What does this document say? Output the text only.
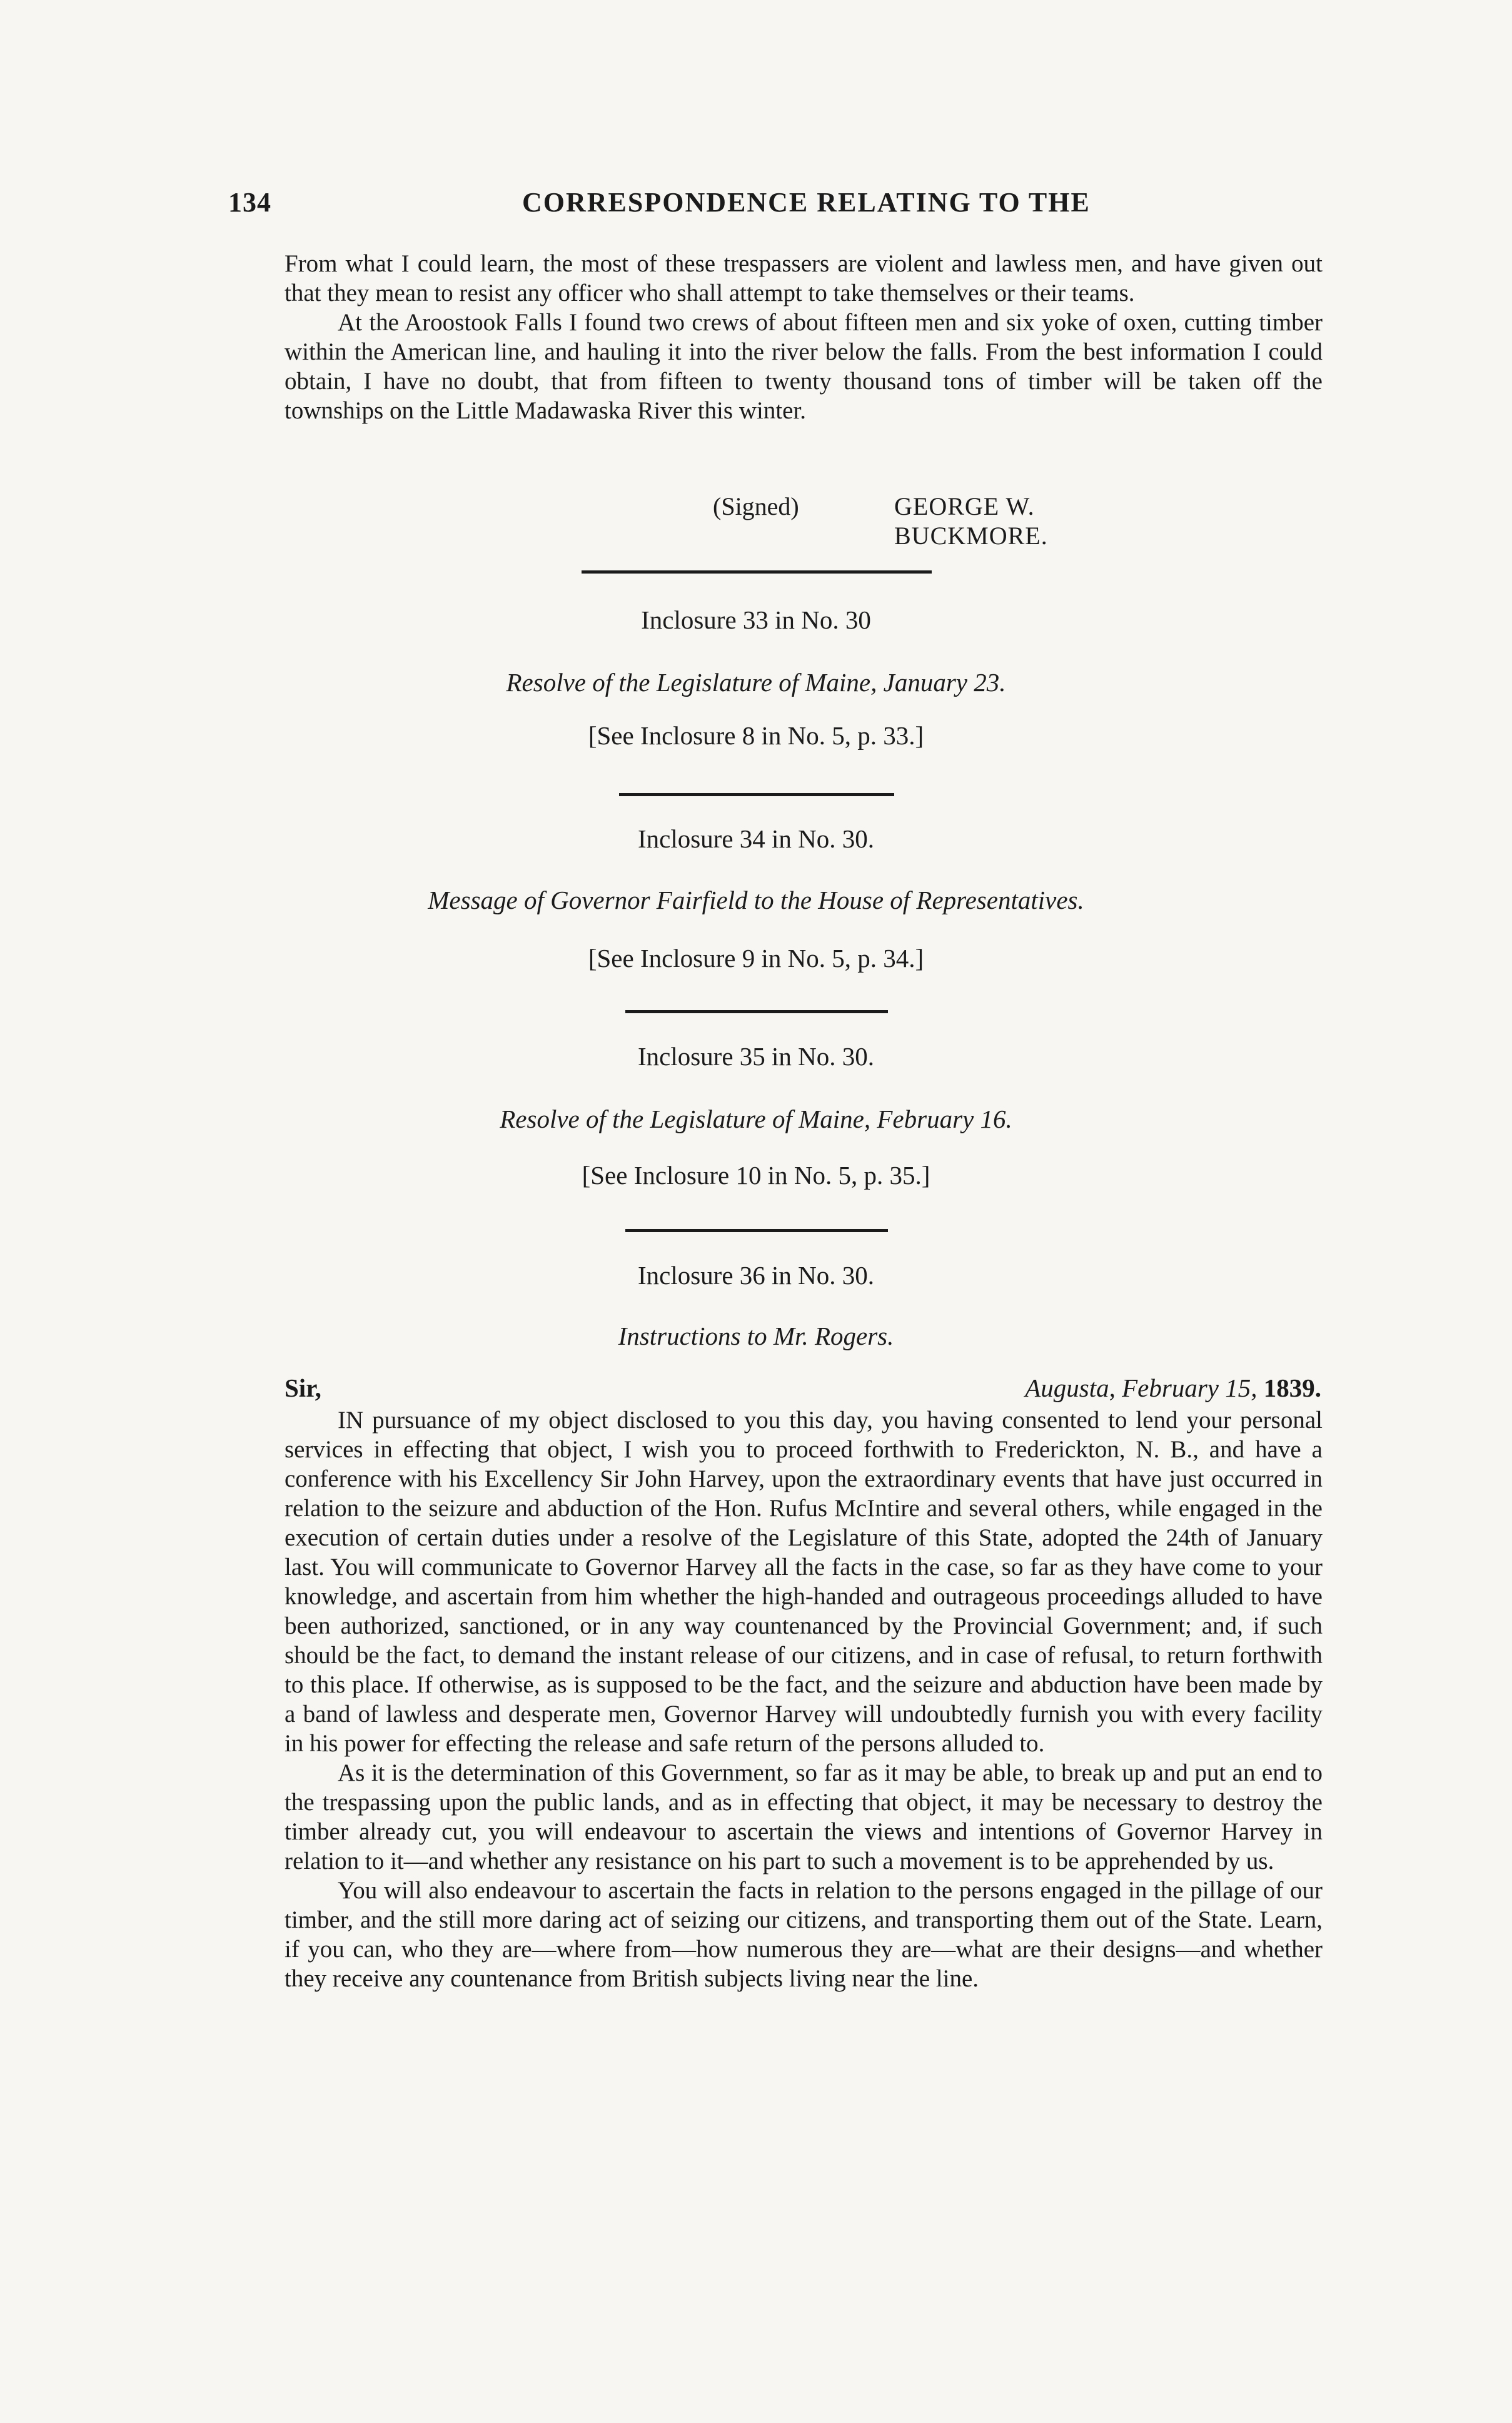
134	CORRESPONDENCE RELATING TO THE

From what I could learn, the most of these trespassers are violent and lawless men, and have given out that they mean to resist any officer who shall attempt to take themselves or their teams.

At the Aroostook Falls I found two crews of about fifteen men and six yoke of oxen, cutting timber within the American line, and hauling it into the river below the falls. From the best information I could obtain, I have no doubt, that from fifteen to twenty thousand tons of timber will be taken off the townships on the Little Madawaska River this winter.

(Signed)	GEORGE W. BUCKMORE.
Inclosure 33 in No. 30
Resolve of the Legislature of Maine, January 23.
[See Inclosure 8 in No. 5, p. 33.]
Inclosure 34 in No. 30.
Message of Governor Fairfield to the House of Representatives.
[See Inclosure 9 in No. 5, p. 34.]
Inclosure 35 in No. 30.
Resolve of the Legislature of Maine, February 16.
[See Inclosure 10 in No. 5, p. 35.]
Inclosure 36 in No. 30.
Instructions to Mr. Rogers.
Sir,	Augusta, February 15, 1839.

IN pursuance of my object disclosed to you this day, you having consented to lend your personal services in effecting that object, I wish you to proceed forthwith to Frederickton, N. B., and have a conference with his Excellency Sir John Harvey, upon the extraordinary events that have just occurred in relation to the seizure and abduction of the Hon. Rufus McIntire and several others, while engaged in the execution of certain duties under a resolve of the Legislature of this State, adopted the 24th of January last. You will communicate to Governor Harvey all the facts in the case, so far as they have come to your knowledge, and ascertain from him whether the high-handed and outrageous proceedings alluded to have been authorized, sanctioned, or in any way countenanced by the Provincial Government; and, if such should be the fact, to demand the instant release of our citizens, and in case of refusal, to return forthwith to this place. If otherwise, as is supposed to be the fact, and the seizure and abduction have been made by a band of lawless and desperate men, Governor Harvey will undoubtedly furnish you with every facility in his power for effecting the release and safe return of the persons alluded to.

As it is the determination of this Government, so far as it may be able, to break up and put an end to the trespassing upon the public lands, and as in effecting that object, it may be necessary to destroy the timber already cut, you will endeavour to ascertain the views and intentions of Governor Harvey in relation to it—and whether any resistance on his part to such a movement is to be apprehended by us.

You will also endeavour to ascertain the facts in relation to the persons engaged in the pillage of our timber, and the still more daring act of seizing our citizens, and transporting them out of the State. Learn, if you can, who they are—where from—how numerous they are—what are their designs—and whether they receive any countenance from British subjects living near the line.
